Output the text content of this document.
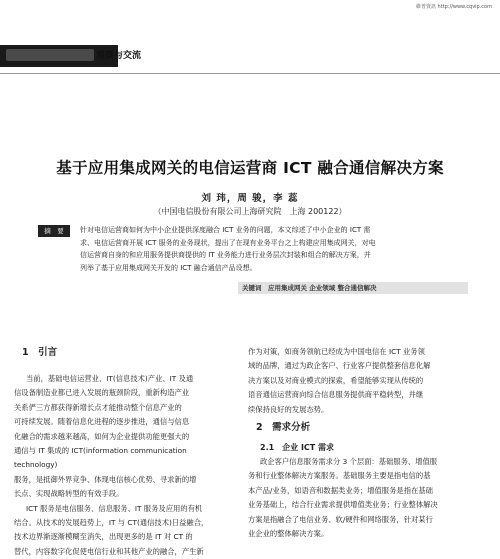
維普資訊 http://www.cqvip.com
观察与交流
基于应用集成网关的电信运营商 ICT 融合通信解决方案
刘 玮，周 骏，李 蕊
（中国电信股份有限公司上海研究院　上海 200122）
摘　要	针对电信运营商如何为中小企业提供深度融合 ICT 业务的问题，本文综述了中小企业的 ICT 需
求、电信运营商开展 ICT 服务的业务现状，提出了在现有业务平台之上构建应用集成网关，对电
信运营商自身的和应用服务提供商提供的 IT 业务能力进行业务层次封装和组合的解决方案，并
列举了基于应用集成网关开发的 ICT 融合通信产品设想。
关键词　应用集成网关 企业领域 整合通信解决
1　引言

当前，基础电信运营业、IT(信息技术)产业、IT 及通

信设备制造业都已进入发展的瓶颈阶段，重新构造产业

关系俨三方都获得新增长点才能推动整个信息产业的

可持续发展。随着信息化进程的逐步推进，通信与信息

化融合的需求越来越高，如何为企业提供功能更强大的

通信与 IT 集成的 ICT(information communication technology)

服务，是抵御外界竞争、体现电信核心优势、寻求新的增

长点、实现战略转型的有效手段。

ICT 服务是电信服务、信息服务、IT 服务及应用的有机

结合。从技术的发展趋势上，IT 与 CT(通信技术)日益融合，

技术边界渐逐渐模糊至消失，出现更多的是 IT 对 CT 的

替代，内容数字化促使电信行业和其他产业的融合，产生新

作为对策，如商务领航已经成为中国电信在 ICT 业务领

域的品牌，通过为政企客户、行业客户提供整套信息化解

决方案以及对商业模式的探索，希望能够实现从传统的

语音通信运营商向综合信息服务提供商平稳转型，并继

续保持良好的发展态势。

2　需求分析
2.1　企业 ICT 需求

政企客户信息服务需求分 3 个层面：基础服务、增值服

务和行业整体解决方案服务。基础服务主要是指电信的基

本产品/业务，如语音和数据类业务；增值服务是指在基础

业务基础上，结合行业需求提供增值类业务；行业整体解决

方案是指融合了电信业务、软/硬件和网络服务，针对某行

业企业的整体解决方案。
